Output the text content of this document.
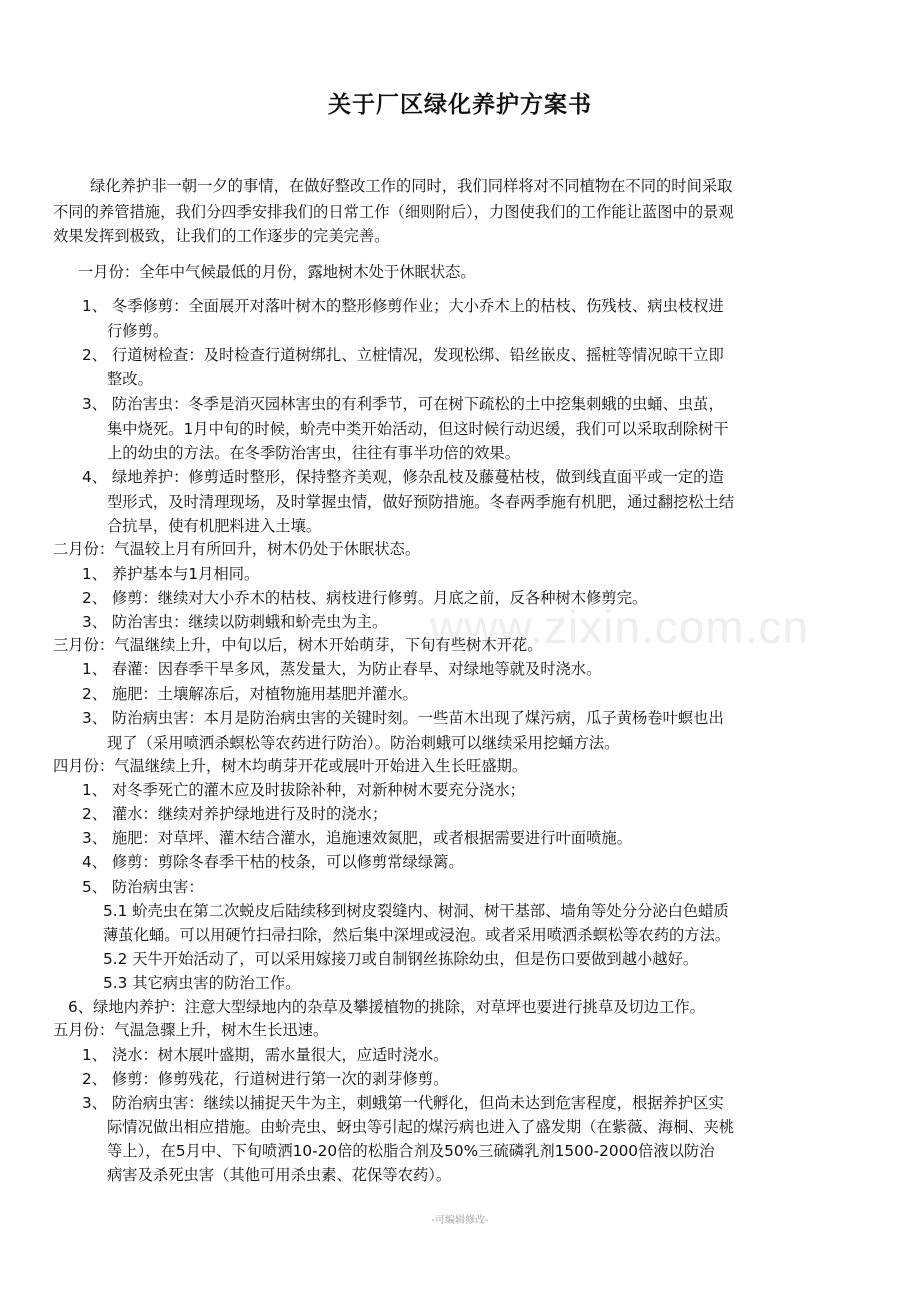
www.zixin.com.cn
关于厂区绿化养护方案书
绿化养护非一朝一夕的事情，在做好整改工作的同时，我们同样将对不同植物在不同的时间采取
不同的养管措施，我们分四季安排我们的日常工作（细则附后），力图使我们的工作能让蓝图中的景观
效果发挥到极致，让我们的工作逐步的完美完善。
一月份：全年中气候最低的月份，露地树木处于休眠状态。
1、 冬季修剪：全面展开对落叶树木的整形修剪作业；大小乔木上的枯枝、伤残枝、病虫枝杈进
行修剪。
2、 行道树检查：及时检查行道树绑扎、立桩情况，发现松绑、铅丝嵌皮、摇桩等情况晾干立即
整改。
3、 防治害虫：冬季是消灭园林害虫的有利季节，可在树下疏松的土中挖集刺蛾的虫蛹、虫茧，
集中烧死。1月中旬的时候，蚧壳中类开始活动，但这时候行动迟缓，我们可以采取刮除树干
上的幼虫的方法。在冬季防治害虫，往往有事半功倍的效果。
4、 绿地养护：修剪适时整形，保持整齐美观，修杂乱枝及藤蔓枯枝，做到线直面平或一定的造
型形式，及时清理现场，及时掌握虫情，做好预防措施。冬春两季施有机肥，通过翻挖松土结
合抗旱，使有机肥料进入土壤。
二月份：气温较上月有所回升，树木仍处于休眠状态。
1、 养护基本与1月相同。
2、 修剪：继续对大小乔木的枯枝、病枝进行修剪。月底之前，反各种树木修剪完。
3、 防治害虫：继续以防刺蛾和蚧壳虫为主。
三月份：气温继续上升，中旬以后，树木开始萌芽，下旬有些树木开花。
1、 春灌：因春季干旱多风，蒸发量大，为防止春旱、对绿地等就及时浇水。
2、 施肥：土壤解冻后，对植物施用基肥并灌水。
3、 防治病虫害：本月是防治病虫害的关键时刻。一些苗木出现了煤污病，瓜子黄杨卷叶螟也出
现了（采用喷洒杀螟松等农药进行防治）。防治刺蛾可以继续采用挖蛹方法。
四月份：气温继续上升，树木均萌芽开花或展叶开始进入生长旺盛期。
1、 对冬季死亡的灌木应及时拔除补种，对新种树木要充分浇水；
2、 灌水：继续对养护绿地进行及时的浇水；
3、 施肥：对草坪、灌木结合灌水，追施速效氮肥，或者根据需要进行叶面喷施。
4、 修剪：剪除冬春季干枯的枝条，可以修剪常绿绿篱。
5、 防治病虫害：
5.1 蚧壳虫在第二次蜕皮后陆续移到树皮裂缝内、树洞、树干基部、墙角等处分分泌白色蜡质
薄茧化蛹。可以用硬竹扫帚扫除，然后集中深埋或浸泡。或者采用喷洒杀螟松等农药的方法。
5.2 天牛开始活动了，可以采用嫁接刀或自制钢丝拣除幼虫，但是伤口要做到越小越好。
5.3 其它病虫害的防治工作。
6、绿地内养护：注意大型绿地内的杂草及攀援植物的挑除，对草坪也要进行挑草及切边工作。
五月份：气温急骤上升，树木生长迅速。
1、 浇水：树木展叶盛期，需水量很大，应适时浇水。
2、 修剪：修剪残花，行道树进行第一次的剥芽修剪。
3、 防治病虫害：继续以捕捉天牛为主，刺蛾第一代孵化，但尚未达到危害程度，根据养护区实
际情况做出相应措施。由蚧壳虫、蚜虫等引起的煤污病也进入了盛发期（在紫薇、海桐、夹桃
等上），在5月中、下旬喷洒10-20倍的松脂合剂及50%三硫磷乳剂1500-2000倍液以防治
病害及杀死虫害（其他可用杀虫素、花保等农药）。
-可编辑修改-
